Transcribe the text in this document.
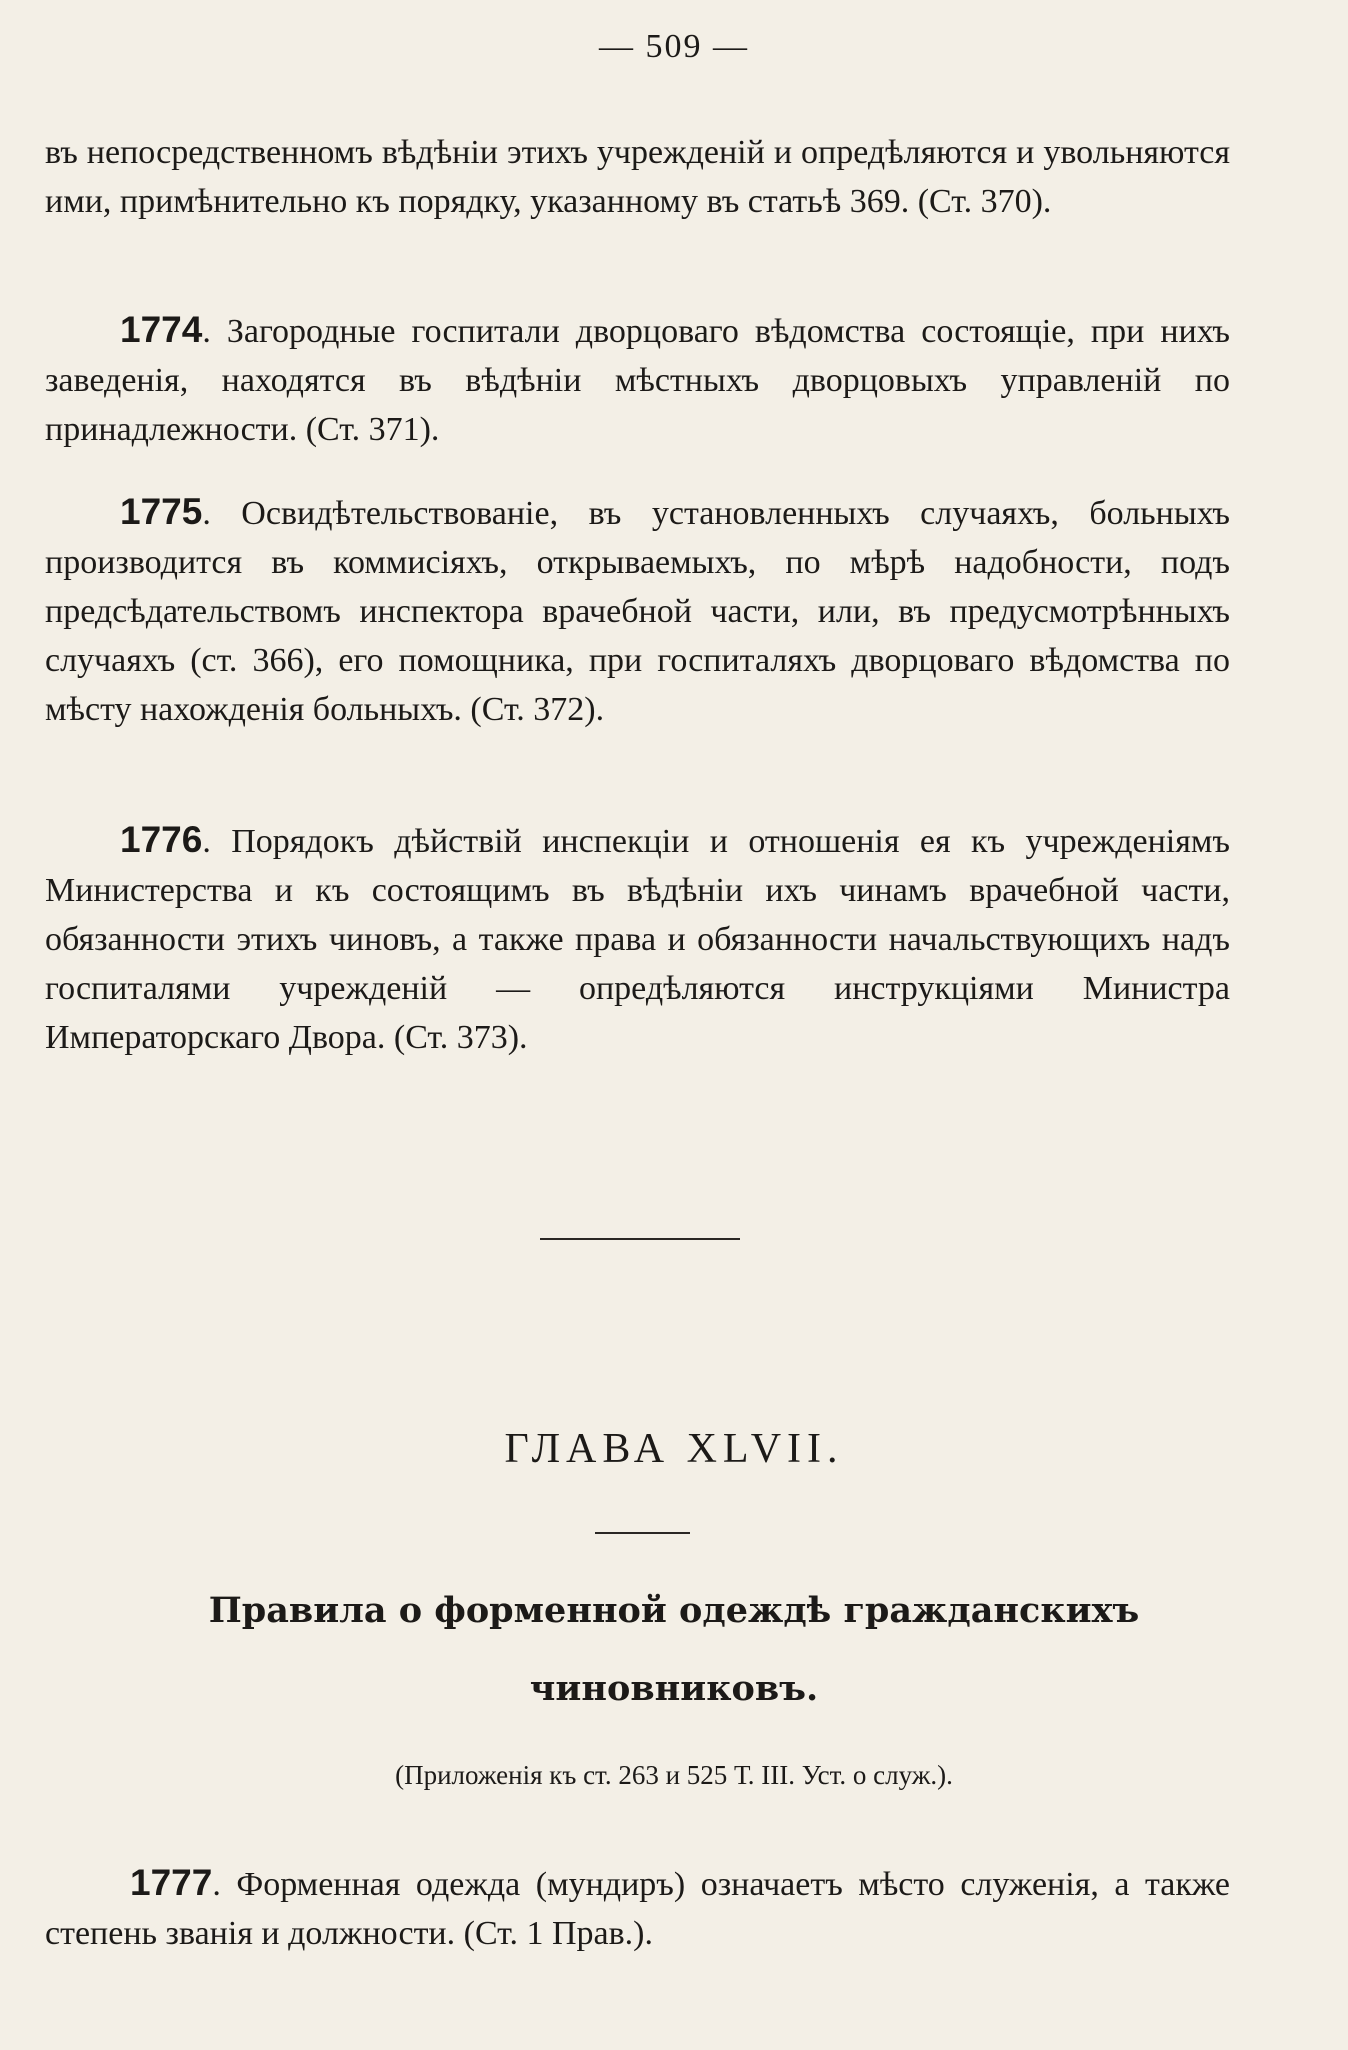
— 509 —
въ непосредственномъ вѣдѣніи этихъ учрежденій и опредѣляются и увольняются ими, примѣнительно къ порядку, указанному въ статьѣ 369. (Ст. 370).
1774. Загородные госпитали дворцоваго вѣдомства состоящіе, при нихъ заведенія, находятся въ вѣдѣніи мѣстныхъ дворцовыхъ управленій по принадлежности. (Ст. 371).
1775. Освидѣтельствованіе, въ установленныхъ случаяхъ, больныхъ производится въ коммисіяхъ, открываемыхъ, по мѣрѣ надобности, подъ предсѣдательствомъ инспектора врачебной части, или, въ предусмотрѣнныхъ случаяхъ (ст. 366), его помощника, при госпиталяхъ дворцоваго вѣдомства по мѣсту нахожденія больныхъ. (Ст. 372).
1776. Порядокъ дѣйствій инспекціи и отношенія ея къ учрежденіямъ Министерства и къ состоящимъ въ вѣдѣніи ихъ чинамъ врачебной части, обязанности этихъ чиновъ, а также права и обязанности начальствующихъ надъ госпиталями учрежденій — опредѣляются инструкціями Министра Императорскаго Двора. (Ст. 373).
ГЛАВА XLVII.
Правила о форменной одеждѣ гражданскихъ
чиновниковъ.
(Приложенія къ ст. 263 и 525 Т. III. Уст. о служ.).
1777. Форменная одежда (мундиръ) означаетъ мѣсто служенія, а также степень званія и должности. (Ст. 1 Прав.).
